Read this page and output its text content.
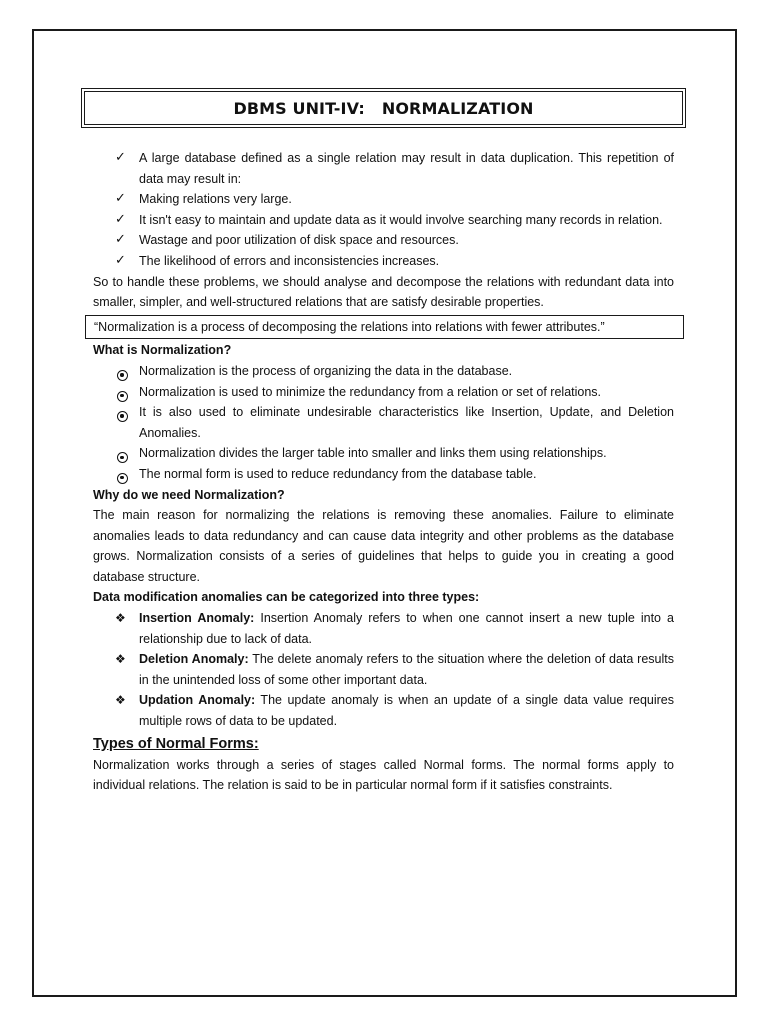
DBMS UNIT-IV:   NORMALIZATION
✓ A large database defined as a single relation may result in data duplication. This repetition of data may result in:
✓ Making relations very large.
✓ It isn't easy to maintain and update data as it would involve searching many records in relation.
✓ Wastage and poor utilization of disk space and resources.
✓ The likelihood of errors and inconsistencies increases.

So to handle these problems, we should analyse and decompose the relations with redundant data into smaller, simpler, and well-structured relations that are satisfy desirable properties.

“Normalization is a process of decomposing the relations into relations with fewer attributes.”

What is Normalization?

Normalization is the process of organizing the data in the database.
Normalization is used to minimize the redundancy from a relation or set of relations.
It is also used to eliminate undesirable characteristics like Insertion, Update, and Deletion Anomalies.
Normalization divides the larger table into smaller and links them using relationships.
The normal form is used to reduce redundancy from the database table.

Why do we need Normalization?

The main reason for normalizing the relations is removing these anomalies. Failure to eliminate anomalies leads to data redundancy and can cause data integrity and other problems as the database grows. Normalization consists of a series of guidelines that helps to guide you in creating a good database structure.

Data modification anomalies can be categorized into three types:

❖ Insertion Anomaly: Insertion Anomaly refers to when one cannot insert a new tuple into a relationship due to lack of data.
❖ Deletion Anomaly: The delete anomaly refers to the situation where the deletion of data results in the unintended loss of some other important data.
❖ Updation Anomaly: The update anomaly is when an update of a single data value requires multiple rows of data to be updated.

Types of Normal Forms:

Normalization works through a series of stages called Normal forms. The normal forms apply to individual relations. The relation is said to be in particular normal form if it satisfies constraints.
